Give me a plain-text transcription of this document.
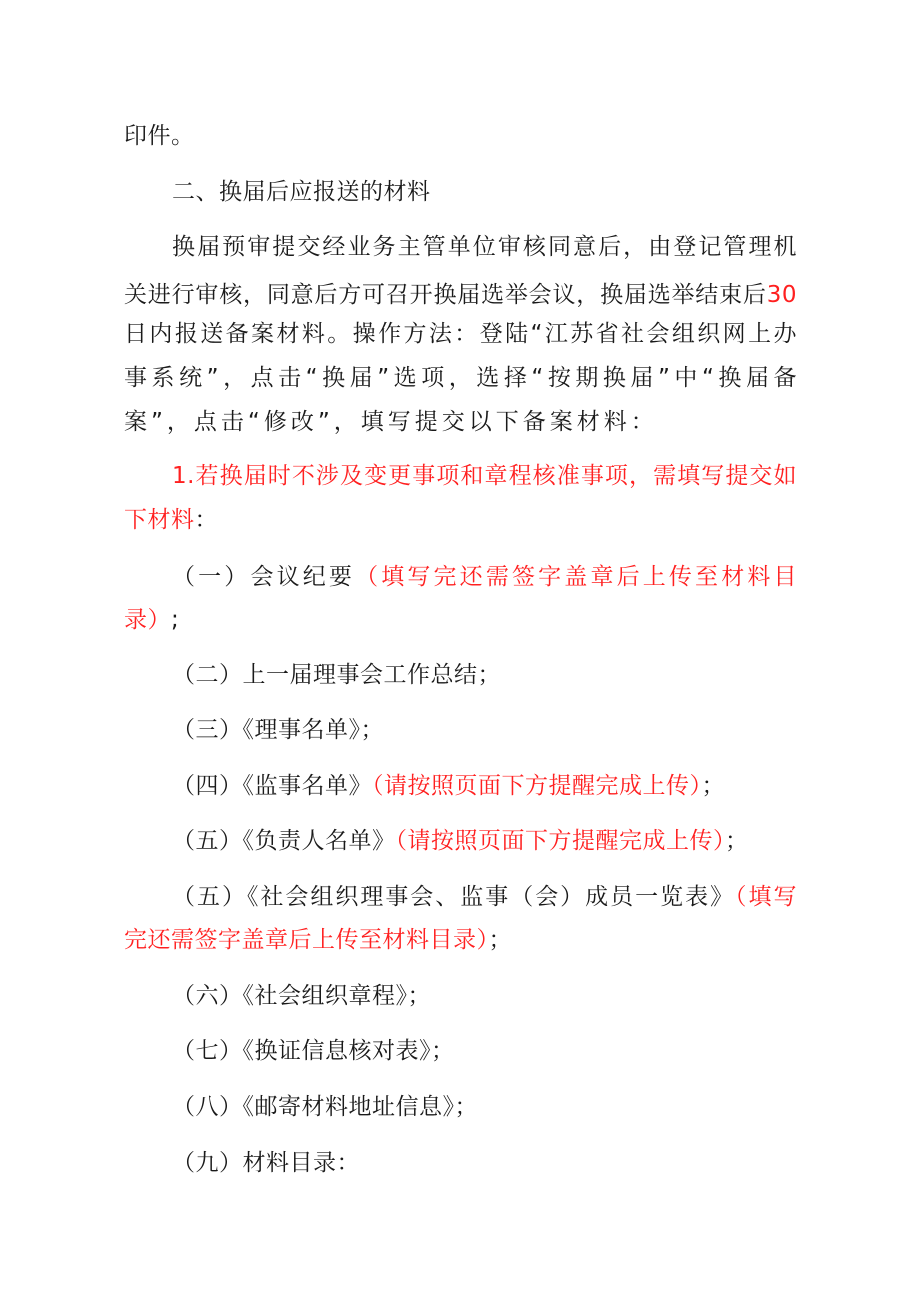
印件。
二、换届后应报送的材料
换届预审提交经业务主管单位审核同意后，由登记管理机
关进行审核，同意后方可召开换届选举会议，换届选举结束后30
日内报送备案材料。操作方法：登陆“江苏省社会组织网上办
事系统”，点击“换届”选项，选择“按期换届”中“换届备
案”，点击“修改”，填写提交以下备案材料：
1.若换届时不涉及变更事项和章程核准事项，需填写提交如
下材料：
（一）会议纪要（填写完还需签字盖章后上传至材料目
录）;
（二）上一届理事会工作总结；
（三）《理事名单》；
（四）《监事名单》（请按照页面下方提醒完成上传）；
（五）《负责人名单》（请按照页面下方提醒完成上传）；
（五）《社会组织理事会、监事（会）成员一览表》（填写
完还需签字盖章后上传至材料目录）；
（六）《社会组织章程》；
（七）《换证信息核对表》；
（八）《邮寄材料地址信息》；
（九）材料目录：
